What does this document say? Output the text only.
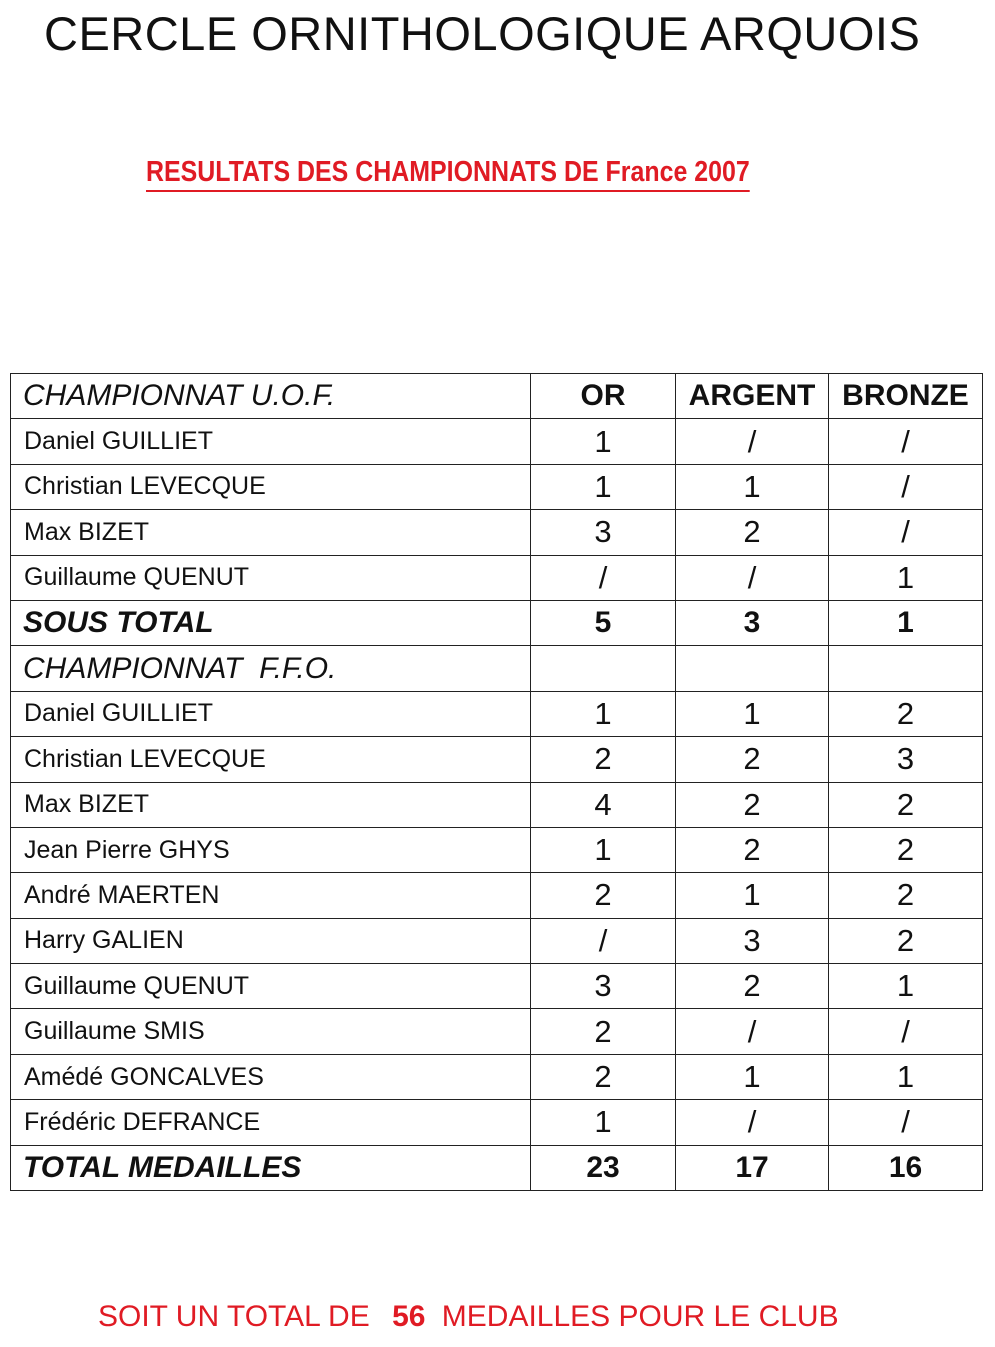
CERCLE ORNITHOLOGIQUE ARQUOIS
RESULTATS DES CHAMPIONNATS DE France 2007
CHAMPIONNAT U.O.F.	OR	ARGENT	BRONZE
Daniel GUILLIET	1	/	/
Christian LEVECQUE	1	1	/
Max BIZET	3	2	/
Guillaume QUENUT	/	/	1
SOUS TOTAL	5	3	1
CHAMPIONNAT  F.F.O.			
Daniel GUILLIET	1	1	2
Christian LEVECQUE	2	2	3
Max BIZET	4	2	2
Jean Pierre GHYS	1	2	2
André MAERTEN	2	1	2
Harry GALIEN	/	3	2
Guillaume QUENUT	3	2	1
Guillaume SMIS	2	/	/
Amédé GONCALVES	2	1	1
Frédéric DEFRANCE	1	/	/
TOTAL MEDAILLES	23	17	16
SOIT UN TOTAL DE 56 MEDAILLES POUR LE CLUB
